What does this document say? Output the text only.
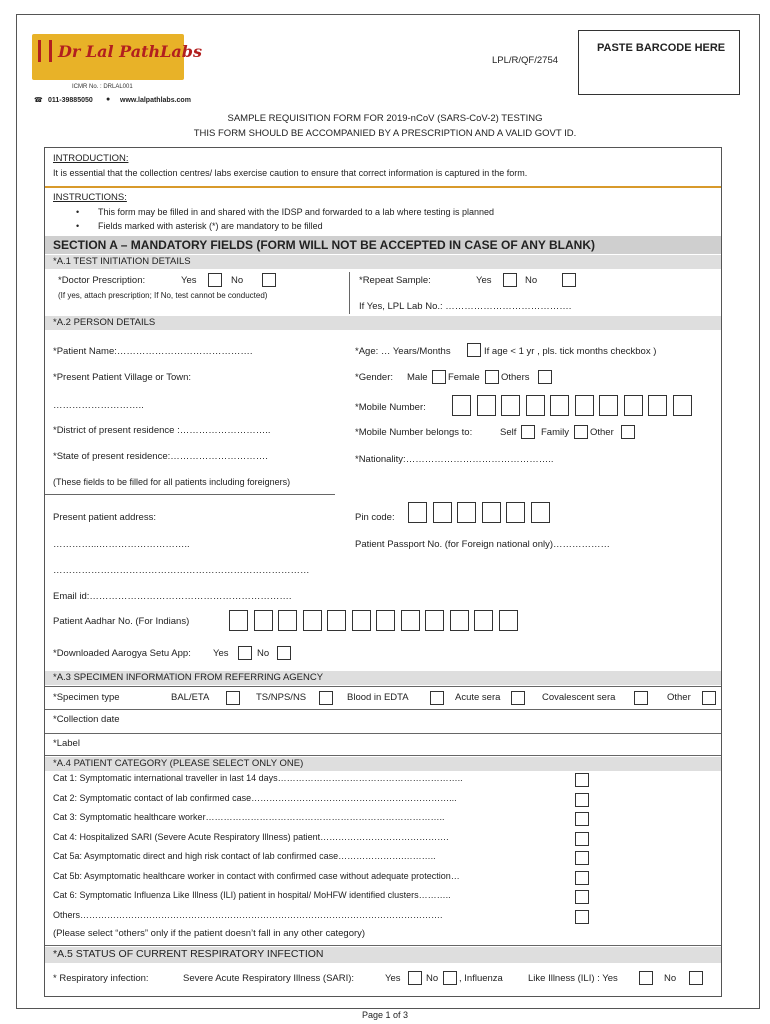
Dr Lal PathLabs
ICMR No. : DRLAL001
☎ 011-39885050 ● www.lalpathlabs.com
LPL/R/QF/2754
PASTE BARCODE HERE
SAMPLE REQUISITION FORM FOR 2019-nCoV (SARS-CoV-2) TESTING
THIS FORM SHOULD BE ACCOMPANIED BY A PRESCRIPTION AND A VALID GOVT ID.
INTRODUCTION:
It is essential that the collection centres/ labs exercise caution to ensure that correct information is captured in the form.
INSTRUCTIONS:
• This form may be filled in and shared with the IDSP and forwarded to a lab where testing is planned
• Fields marked with asterisk (*) are mandatory to be filled
SECTION A – MANDATORY FIELDS (FORM WILL NOT BE ACCEPTED IN CASE OF ANY BLANK)
*A.1 TEST INITIATION DETAILS
*Doctor Prescription:	Yes	No
(If yes, attach prescription; If No, test cannot be conducted)
*Repeat Sample:	Yes	No
If Yes, LPL Lab No.: ………………………………….
*A.2 PERSON DETAILS
*Patient Name:…………………………………….	*Age: … Years/Months	If age < 1 yr , pls. tick months checkbox )
*Present Patient Village or Town:	*Gender: Male Female Others
………………………..	*Mobile Number:
*District of present residence :………………………..	*Mobile Number belongs to:	Self	Family Other
*State of present residence:………………………….	*Nationality:………………………………………..
(These fields to be filled for all patients including foreigners)
Present patient address:	Pin code:
…………...………………………..	Patient Passport No. (for Foreign national only)………………
………………………………………………………………………
Email id:……………………………………………………….
Patient Aadhar No. (For Indians)
*Downloaded Aarogya Setu App: Yes	No
*A.3 SPECIMEN INFORMATION FROM REFERRING AGENCY
*Specimen type	BAL/ETA	TS/NPS/NS	Blood in EDTA	Acute sera	Covalescent sera	Other
*Collection date
*Label
*A.4 PATIENT CATEGORY (PLEASE SELECT ONLY ONE)
Cat 1: Symptomatic international traveller in last 14 days……………………………………………………..
Cat 2: Symptomatic contact of lab confirmed case…………………………………………………………...
Cat 3: Symptomatic healthcare worker……………………………………………………………………..
Cat 4: Hospitalized SARI (Severe Acute Respiratory Illness) patient…………………………………….
Cat 5a: Asymptomatic direct and high risk contact of lab confirmed case………………….………..
Cat 5b: Asymptomatic healthcare worker in contact with confirmed case without adequate protection…
Cat 6: Symptomatic Influenza Like Illness (ILI) patient in hospital/ MoHFW identified clusters………..
Others………………………………………………………………………………………………………….
(Please select “others” only if the patient doesn’t fall in any other category)
*A.5 STATUS OF CURRENT RESPIRATORY INFECTION
* Respiratory infection:	Severe Acute Respiratory Illness (SARI):	Yes	No , Influenza	Like Illness (ILI) : Yes	No
Page 1 of 3
